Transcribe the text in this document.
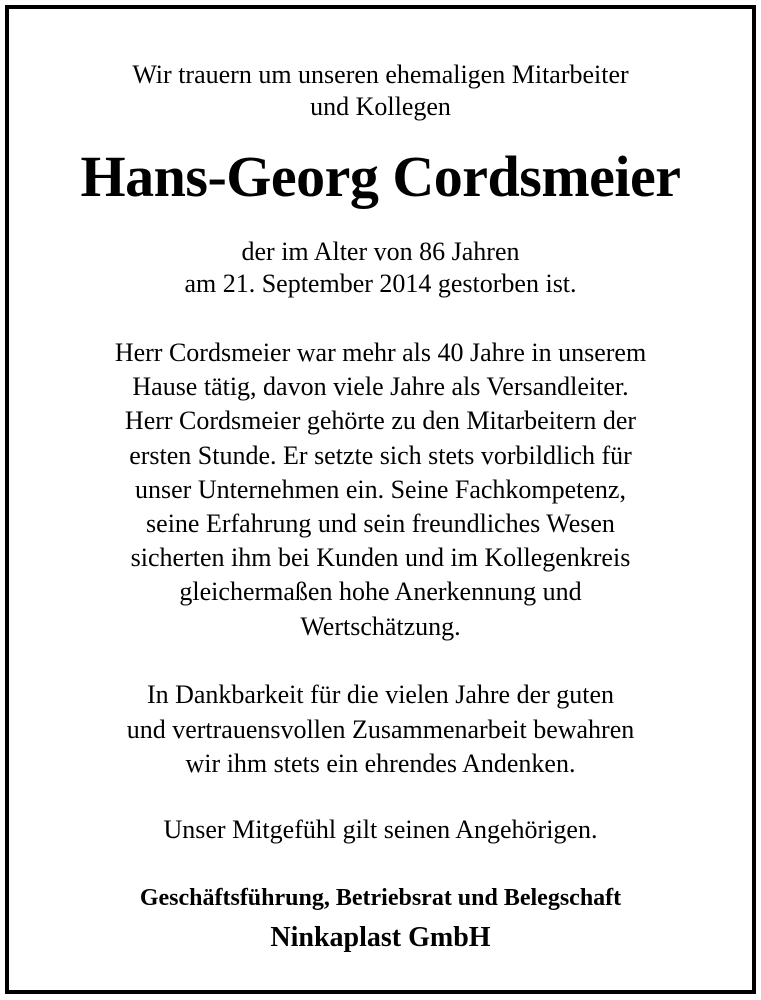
Wir trauern um unseren ehemaligen Mitarbeiter
und Kollegen
Hans-Georg Cordsmeier
der im Alter von 86 Jahren
am 21. September 2014 gestorben ist.
Herr Cordsmeier war mehr als 40 Jahre in unserem
Hause tätig, davon viele Jahre als Versandleiter.
Herr Cordsmeier gehörte zu den Mitarbeitern der
ersten Stunde. Er setzte sich stets vorbildlich für
unser Unternehmen ein. Seine Fachkompetenz,
seine Erfahrung und sein freundliches Wesen
sicherten ihm bei Kunden und im Kollegenkreis
gleichermaßen hohe Anerkennung und
Wertschätzung.
In Dankbarkeit für die vielen Jahre der guten
und vertrauensvollen Zusammenarbeit bewahren
wir ihm stets ein ehrendes Andenken.
Unser Mitgefühl gilt seinen Angehörigen.
Geschäftsführung, Betriebsrat und Belegschaft
Ninkaplast GmbH
